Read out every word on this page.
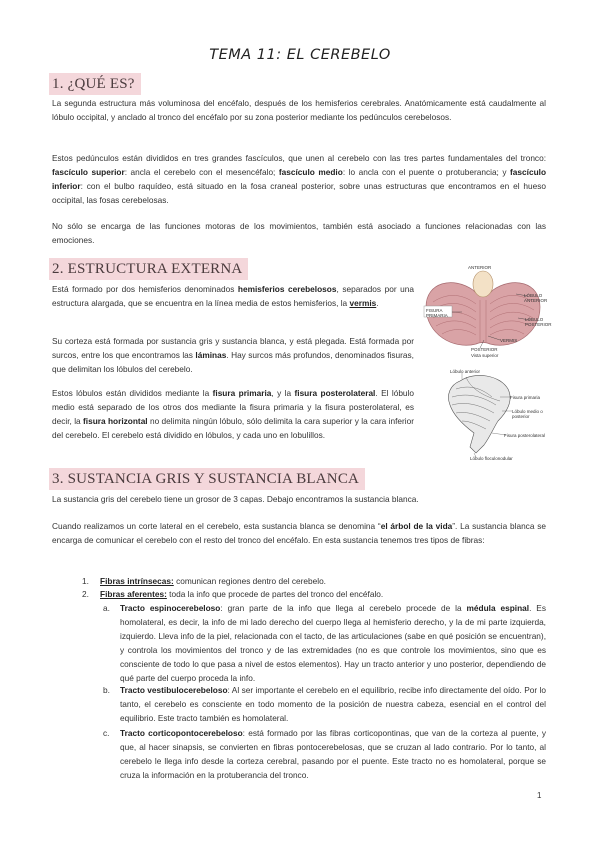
TEMA 11: EL CEREBELO
1. ¿QUÉ ES?

La segunda estructura más voluminosa del encéfalo, después de los hemisferios cerebrales. Anatómicamente está caudalmente al lóbulo occipital, y anclado al tronco del encéfalo por su zona posterior mediante los pedúnculos cerebelosos.

Estos pedúnculos están divididos en tres grandes fascículos, que unen al cerebelo con las tres partes fundamentales del tronco: fascículo superior: ancla el cerebelo con el mesencéfalo; fascículo medio: lo ancla con el puente o protuberancia; y fascículo inferior: con el bulbo raquídeo, está situado en la fosa craneal posterior, sobre unas estructuras que encontramos en el hueso occipital, las fosas cerebelosas.

No sólo se encarga de las funciones motoras de los movimientos, también está asociado a funciones relacionadas con las emociones.

2. ESTRUCTURA EXTERNA

Está formado por dos hemisferios denominados hemisferios cerebelosos, separados por una estructura alargada, que se encuentra en la línea media de estos hemisferios, la vermis.

Su corteza está formada por sustancia gris y sustancia blanca, y está plegada. Está formada por surcos, entre los que encontramos las láminas. Hay surcos más profundos, denominados fisuras, que delimitan los lóbulos del cerebelo.

Estos lóbulos están divididos mediante la fisura primaria, y la fisura posterolateral. El lóbulo medio está separado de los otros dos mediante la fisura primaria y la fisura posterolateral, es decir, la fisura horizontal no delimita ningún lóbulo, sólo delimita la cara superior y la cara inferior del cerebelo. El cerebelo está dividido en lóbulos, y cada uno en lobulillos.

ANTERIOR
LÓBULO ANTERIOR
LÓBULO POSTERIOR
FISURA PRIMARIA
VERMIS
POSTERIOR
Vista superior
Lóbulo anterior
Fisura primaria
Lóbulo medio o posterior
Fisura posterolateral
Lóbulo floculonodular
3. SUSTANCIA GRIS Y SUSTANCIA BLANCA

La sustancia gris del cerebelo tiene un grosor de 3 capas. Debajo encontramos la sustancia blanca.

Cuando realizamos un corte lateral en el cerebelo, esta sustancia blanca se denomina “el árbol de la vida”. La sustancia blanca se encarga de comunicar el cerebelo con el resto del tronco del encéfalo. En esta sustancia tenemos tres tipos de fibras:

1. Fibras intrínsecas: comunican regiones dentro del cerebelo.
2. Fibras aferentes: toda la info que procede de partes del tronco del encéfalo.
a. Tracto espinocerebeloso: gran parte de la info que llega al cerebelo procede de la médula espinal. Es homolateral, es decir, la info de mi lado derecho del cuerpo llega al hemisferio derecho, y la de mi parte izquierda, izquierdo. Lleva info de la piel, relacionada con el tacto, de las articulaciones (sabe en qué posición se encuentran), y controla los movimientos del tronco y de las extremidades (no es que controle los movimientos, sino que es consciente de todo lo que pasa a nivel de estos elementos). Hay un tracto anterior y uno posterior, dependiendo de qué parte del cuerpo proceda la info.
b. Tracto vestibulocerebeloso: Al ser importante el cerebelo en el equilibrio, recibe info directamente del oído. Por lo tanto, el cerebelo es consciente en todo momento de la posición de nuestra cabeza, esencial en el control del equilibrio. Este tracto también es homolateral.
c. Tracto corticopontocerebeloso: está formado por las fibras corticopontinas, que van de la corteza al puente, y que, al hacer sinapsis, se convierten en fibras pontocerebelosas, que se cruzan al lado contrario. Por lo tanto, al cerebelo le llega info desde la corteza cerebral, pasando por el puente. Este tracto no es homolateral, porque se cruza la información en la protuberancia del tronco.
1
